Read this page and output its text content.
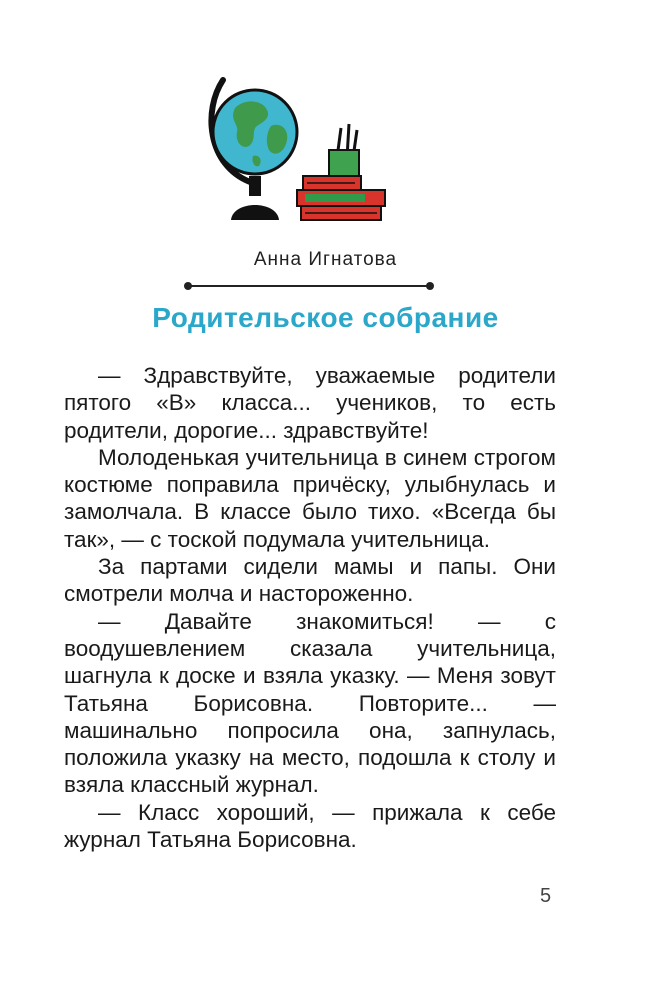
Анна Игнатова
Родительское собрание

— Здравствуйте, уважаемые родители пятого «В» класса... учеников, то есть родители, дорогие... здравствуйте!

Молоденькая учительница в синем строгом костюме поправила причёску, улыбнулась и замолчала. В классе было тихо. «Всегда бы так», — с тоской подумала учительница.

За партами сидели мамы и папы. Они смотрели молча и настороженно.

— Давайте знакомиться! — с воодушевлением сказала учительница, шагнула к доске и взяла указку. — Меня зовут Татьяна Борисовна. Повторите... — машинально попросила она, запнулась, положила указку на место, подошла к столу и взяла классный журнал.

— Класс хороший, — прижала к себе журнал Татьяна Борисовна.

5
